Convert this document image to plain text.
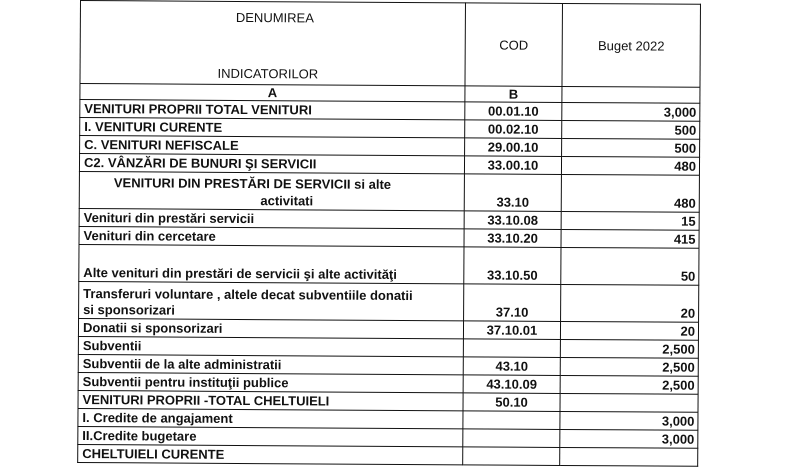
DENUMIREA
INDICATORILOR	COD	Buget 2022
A	B	
VENITURI PROPRII TOTAL VENITURI	00.01.10	3,000
I. VENITURI CURENTE	00.02.10	500
C. VENITURI NEFISCALE	29.00.10	500
C2. VÂNZĂRI DE BUNURI ŞI SERVICII	33.00.10	480

VENITURI DIN PRESTĂRI DE SERVICII si alte
activitati	33.10	480
Venituri din prestări servicii	33.10.08	15
Venituri din cercetare	33.10.20	415
Alte venituri din prestări de servicii şi alte activităţi	33.10.50	50

Transferuri voluntare , altele decat subventiile donatii
si sponsorizari	37.10	20
Donatii si sponsorizari	37.10.01	20
Subventii		2,500
Subventii de la alte administratii	43.10	2,500
Subventii pentru instituţii publice	43.10.09	2,500
VENITURI PROPRII -TOTAL CHELTUIELI	50.10	
I. Credite de angajament		3,000
II.Credite bugetare		3,000
CHELTUIELI CURENTE		
